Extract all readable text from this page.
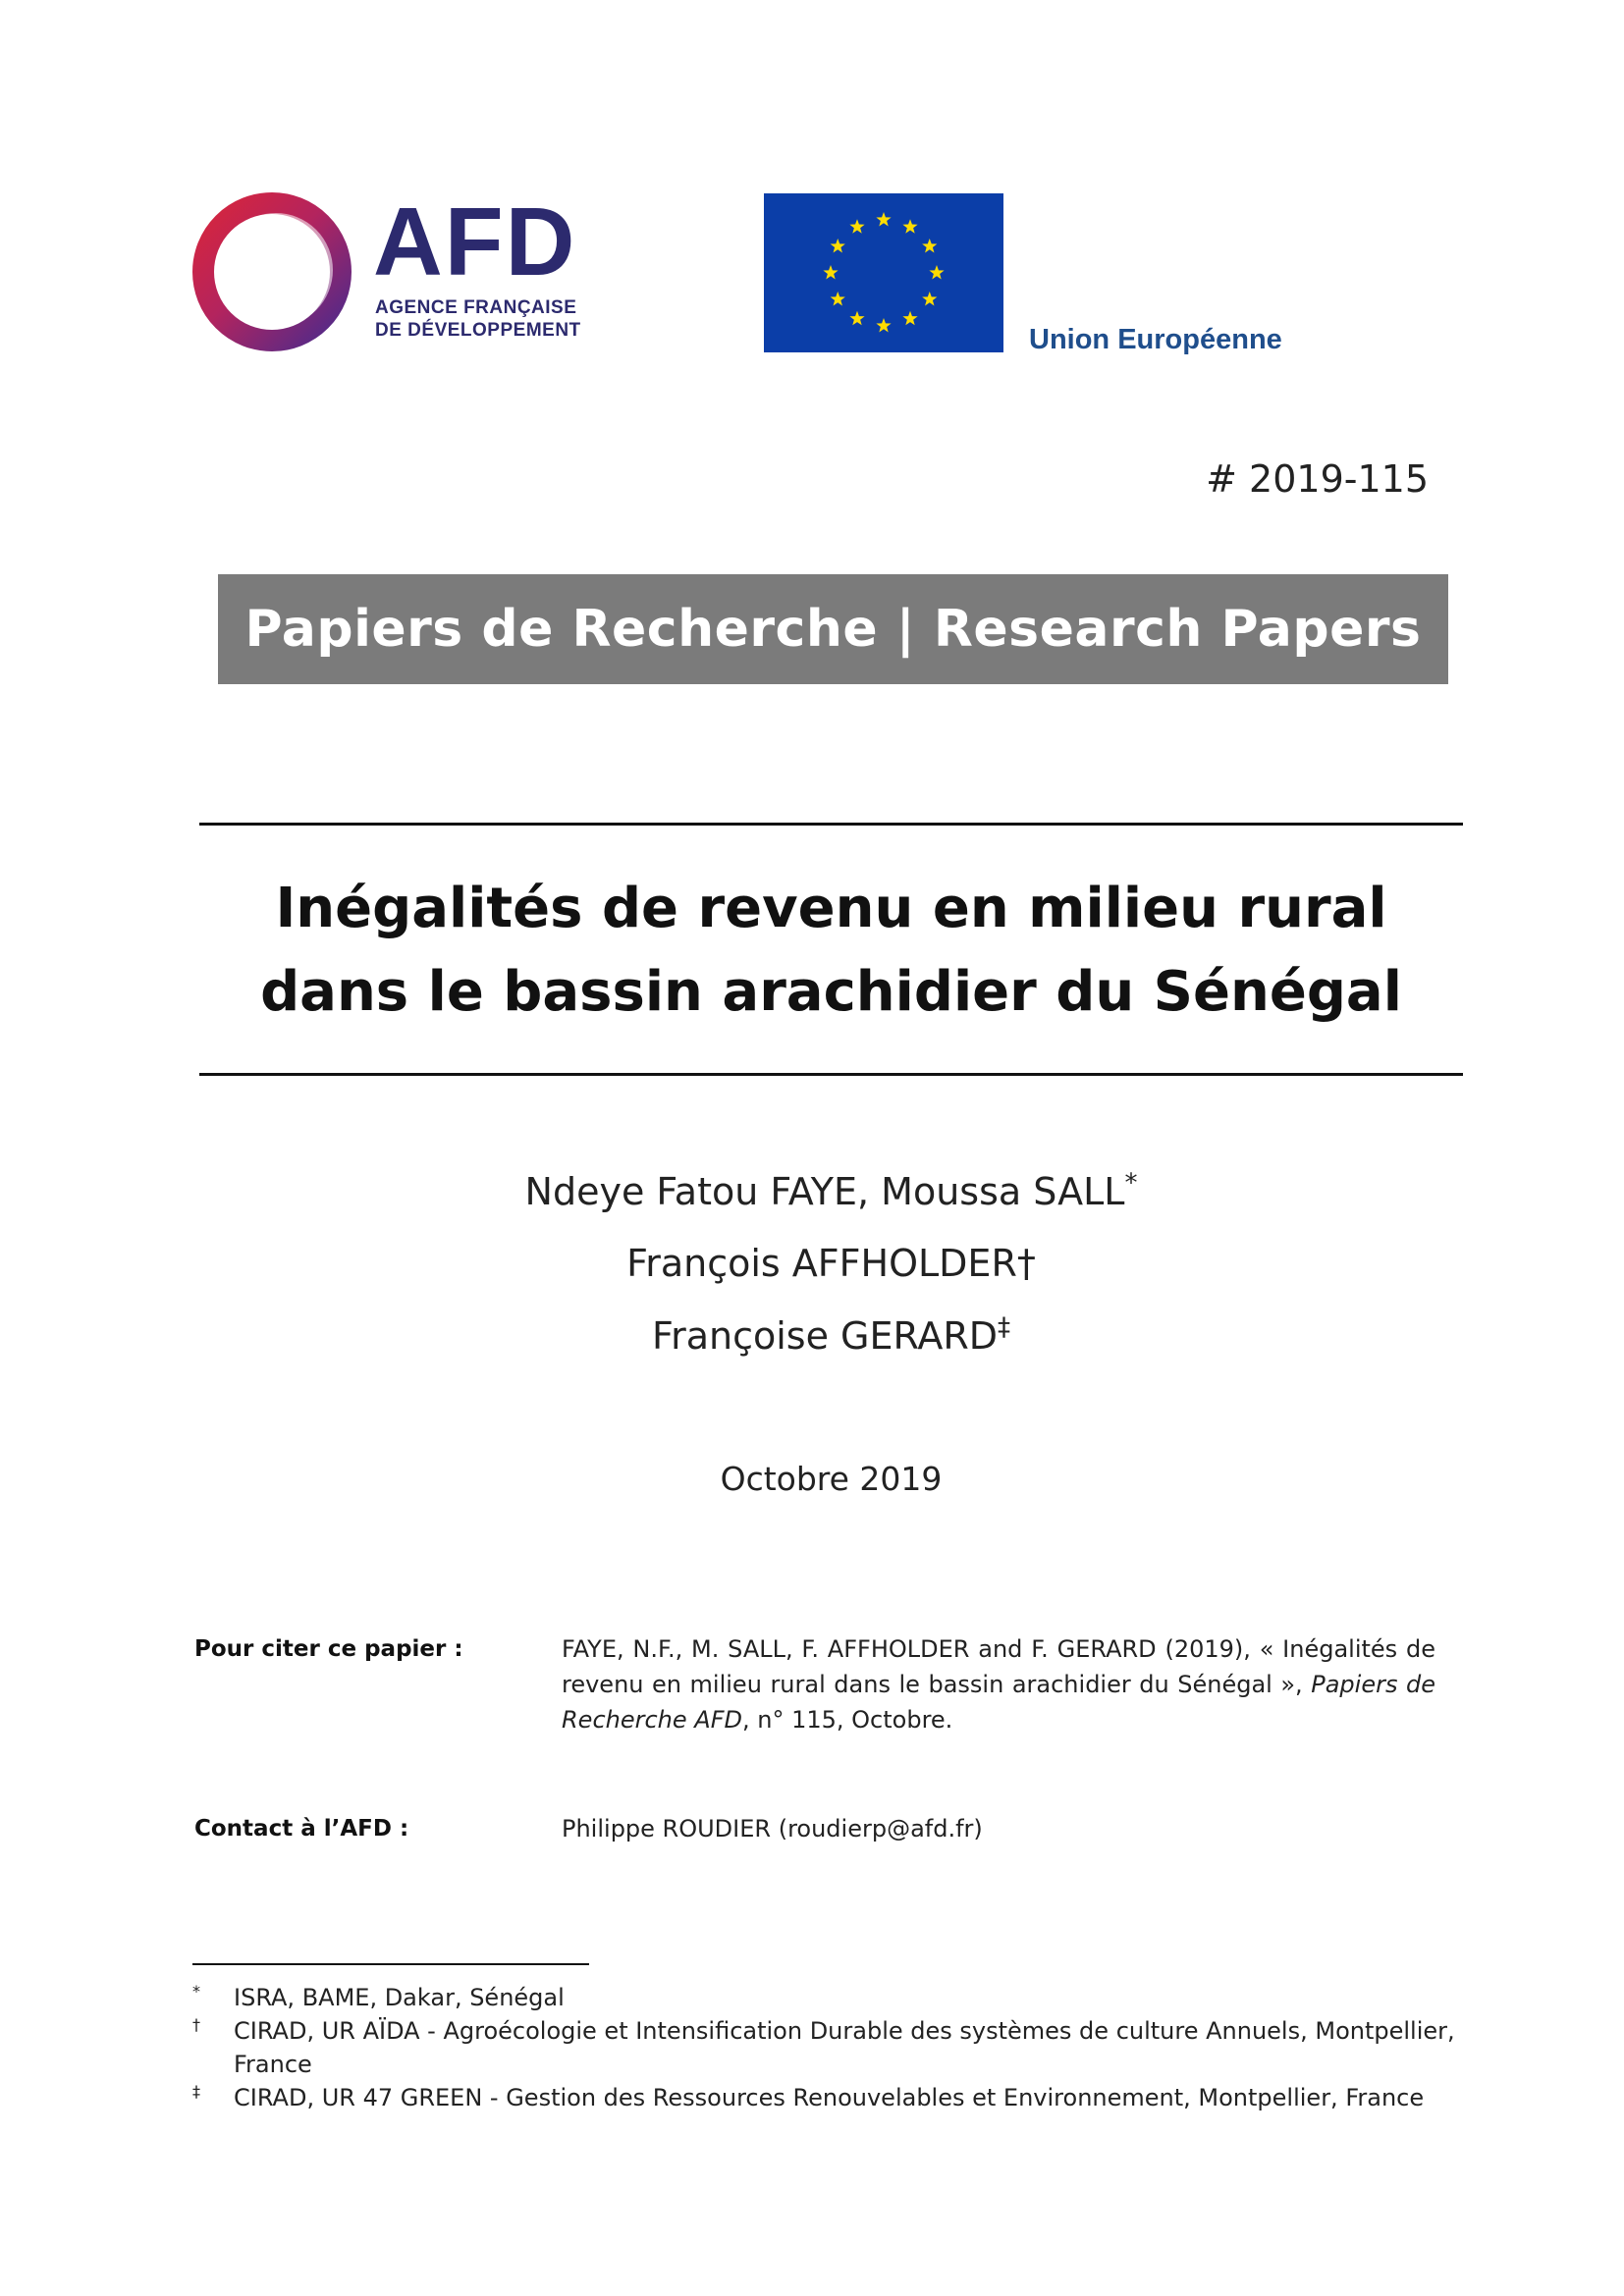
AFD
AGENCE FRANÇAISE
DE DÉVELOPPEMENT	Union Européenne
# 2019-115
Papiers de Recherche | Research Papers
Inégalités de revenu en milieu rural
dans le bassin arachidier du Sénégal
Ndeye Fatou FAYE, Moussa SALL*
François AFFHOLDER†
Françoise GERARD‡
Octobre 2019
Pour citer ce papier :	FAYE, N.F., M. SALL, F. AFFHOLDER and F. GERARD (2019), « Inégalités de revenu en milieu rural dans le bassin arachidier du Sénégal », Papiers de Recherche AFD, n° 115, Octobre.
Contact à l’AFD :	Philippe ROUDIER (roudierp@afd.fr)
* ISRA, BAME, Dakar, Sénégal
† CIRAD, UR AÏDA - Agroécologie et Intensification Durable des systèmes de culture Annuels, Montpellier, France
‡ CIRAD, UR 47 GREEN - Gestion des Ressources Renouvelables et Environnement, Montpellier, France
